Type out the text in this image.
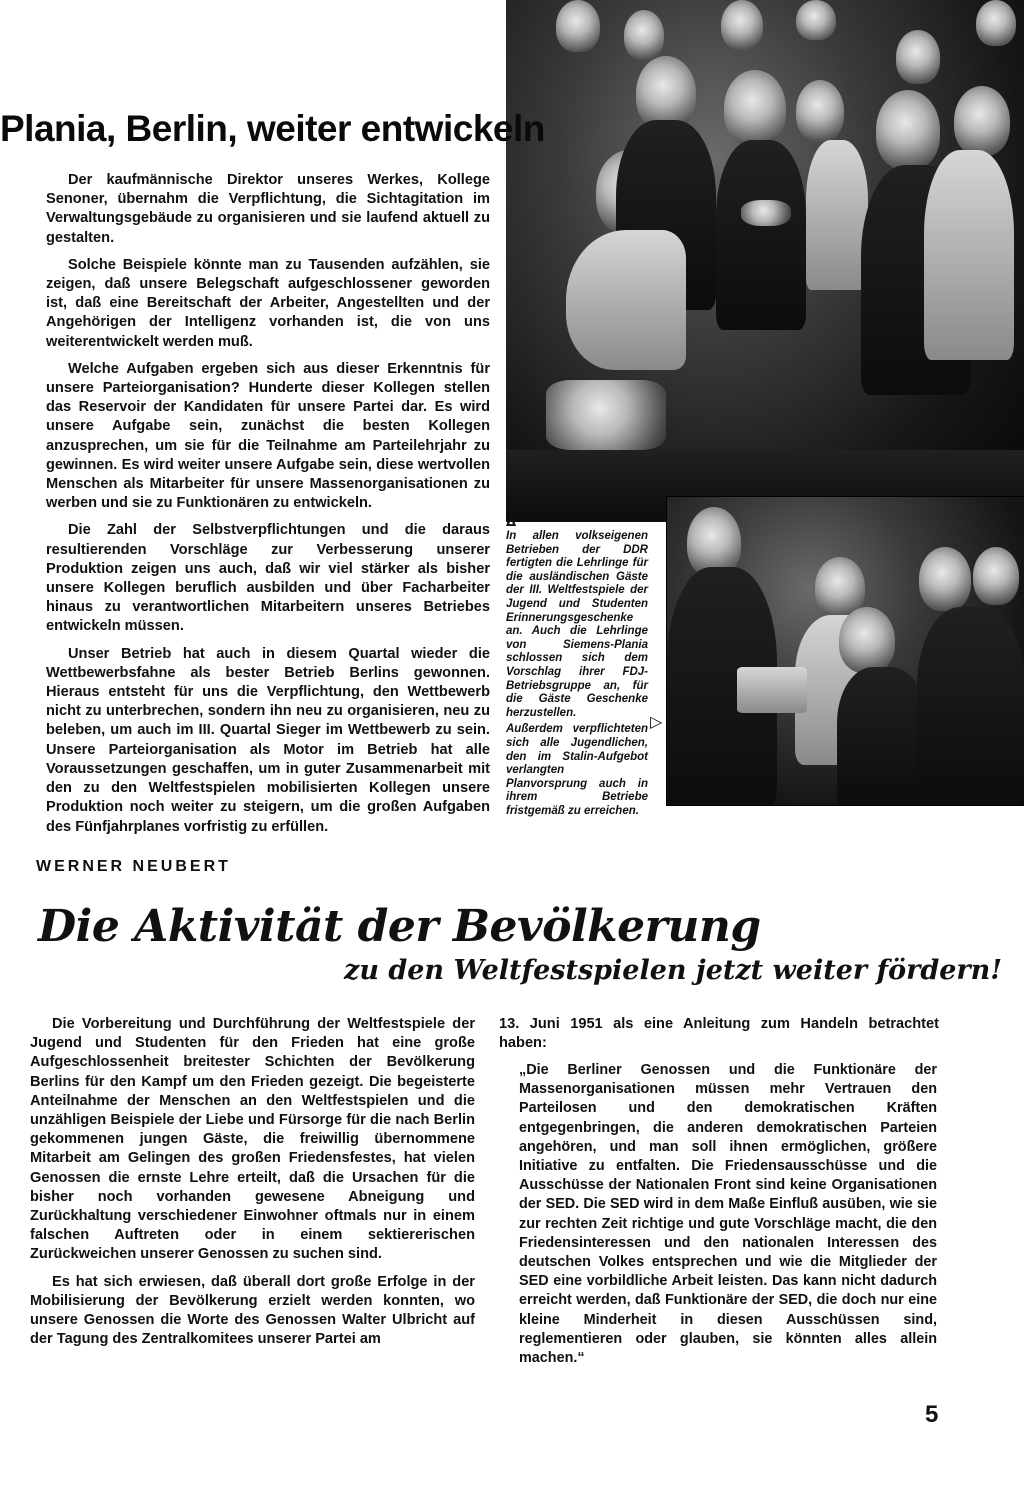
Plania, Berlin, weiter entwickeln

Der kaufmännische Direktor unseres Werkes, Kollege Senoner, übernahm die Verpflichtung, die Sichtagitation im Verwaltungsgebäude zu organisieren und sie laufend aktuell zu gestalten.

Solche Beispiele könnte man zu Tausenden aufzählen, sie zeigen, daß unsere Belegschaft aufgeschlossener geworden ist, daß eine Bereitschaft der Arbeiter, Angestellten und der Angehörigen der Intelligenz vorhanden ist, die von uns weiterentwickelt werden muß.

Welche Aufgaben ergeben sich aus dieser Erkenntnis für unsere Parteiorganisation? Hunderte dieser Kollegen stellen das Reservoir der Kandidaten für unsere Partei dar. Es wird unsere Aufgabe sein, zunächst die besten Kollegen anzusprechen, um sie für die Teilnahme am Parteilehrjahr zu gewinnen. Es wird weiter unsere Aufgabe sein, diese wertvollen Menschen als Mitarbeiter für unsere Massenorganisationen zu werben und sie zu Funktionären zu entwickeln.

Die Zahl der Selbstverpflichtungen und die daraus resultierenden Vorschläge zur Verbesserung unserer Produktion zeigen uns auch, daß wir viel stärker als bisher unsere Kollegen beruflich ausbilden und über Facharbeiter hinaus zu verantwortlichen Mitarbeitern unseres Betriebes entwickeln müssen.

Unser Betrieb hat auch in diesem Quartal wieder die Wettbewerbsfahne als bester Betrieb Berlins gewonnen. Hieraus entsteht für uns die Verpflichtung, den Wettbewerb nicht zu unterbrechen, sondern ihn neu zu organisieren, neu zu beleben, um auch im III. Quartal Sieger im Wettbewerb zu sein. Unsere Parteiorganisation als Motor im Betrieb hat alle Voraussetzungen geschaffen, um in guter Zusammenarbeit mit den zu den Weltfestspielen mobilisierten Kollegen unsere Produktion noch weiter zu steigern, um die großen Aufgaben des Fünfjahrplanes vorfristig zu erfüllen.

Δ

In allen volkseigenen Betrieben der DDR fertigten die Lehrlinge für die ausländischen Gäste der III. Weltfestspiele der Jugend und Studenten Erinnerungsgeschenke an. Auch die Lehrlinge von Siemens-Plania schlossen sich dem Vorschlag ihrer FDJ-Betriebsgruppe an, für die Gäste Geschenke herzustellen.

Außerdem verpflichteten sich alle Jugendlichen, den im Stalin-Aufgebot verlangten Planvorsprung auch in ihrem Betriebe fristgemäß zu erreichen.

▷
WERNER NEUBERT
Die Aktivität der Bevölkerung
zu den Weltfestspielen jetzt weiter fördern!

Die Vorbereitung und Durchführung der Weltfestspiele der Jugend und Studenten für den Frieden hat eine große Aufgeschlossenheit breitester Schichten der Bevölkerung Berlins für den Kampf um den Frieden gezeigt. Die begeisterte Anteilnahme der Menschen an den Weltfestspielen und die unzähligen Beispiele der Liebe und Fürsorge für die nach Berlin gekommenen jungen Gäste, die freiwillig übernommene Mitarbeit am Gelingen des großen Friedensfestes, hat vielen Genossen die ernste Lehre erteilt, daß die Ursachen für die bisher noch vorhanden gewesene Abneigung und Zurückhaltung verschiedener Einwohner oftmals nur in einem falschen Auftreten oder in einem sektiererischen Zurückweichen unserer Genossen zu suchen sind.

Es hat sich erwiesen, daß überall dort große Erfolge in der Mobilisierung der Bevölkerung erzielt werden konnten, wo unsere Genossen die Worte des Genossen Walter Ulbricht auf der Tagung des Zentralkomitees unserer Partei am

13. Juni 1951 als eine Anleitung zum Handeln betrachtet haben:

„Die Berliner Genossen und die Funktionäre der Massenorganisationen müssen mehr Vertrauen den Parteilosen und den demokratischen Kräften entgegenbringen, die anderen demokratischen Parteien angehören, und man soll ihnen ermöglichen, größere Initiative zu entfalten. Die Friedensausschüsse und die Ausschüsse der Nationalen Front sind keine Organisationen der SED. Die SED wird in dem Maße Einfluß ausüben, wie sie zur rechten Zeit richtige und gute Vorschläge macht, die den Friedensinteressen und den nationalen Interessen des deutschen Volkes entsprechen und wie die Mitglieder der SED eine vorbildliche Arbeit leisten. Das kann nicht dadurch erreicht werden, daß Funktionäre der SED, die doch nur eine kleine Minderheit in diesen Ausschüssen sind, reglementieren oder glauben, sie könnten alles allein machen.“

5
